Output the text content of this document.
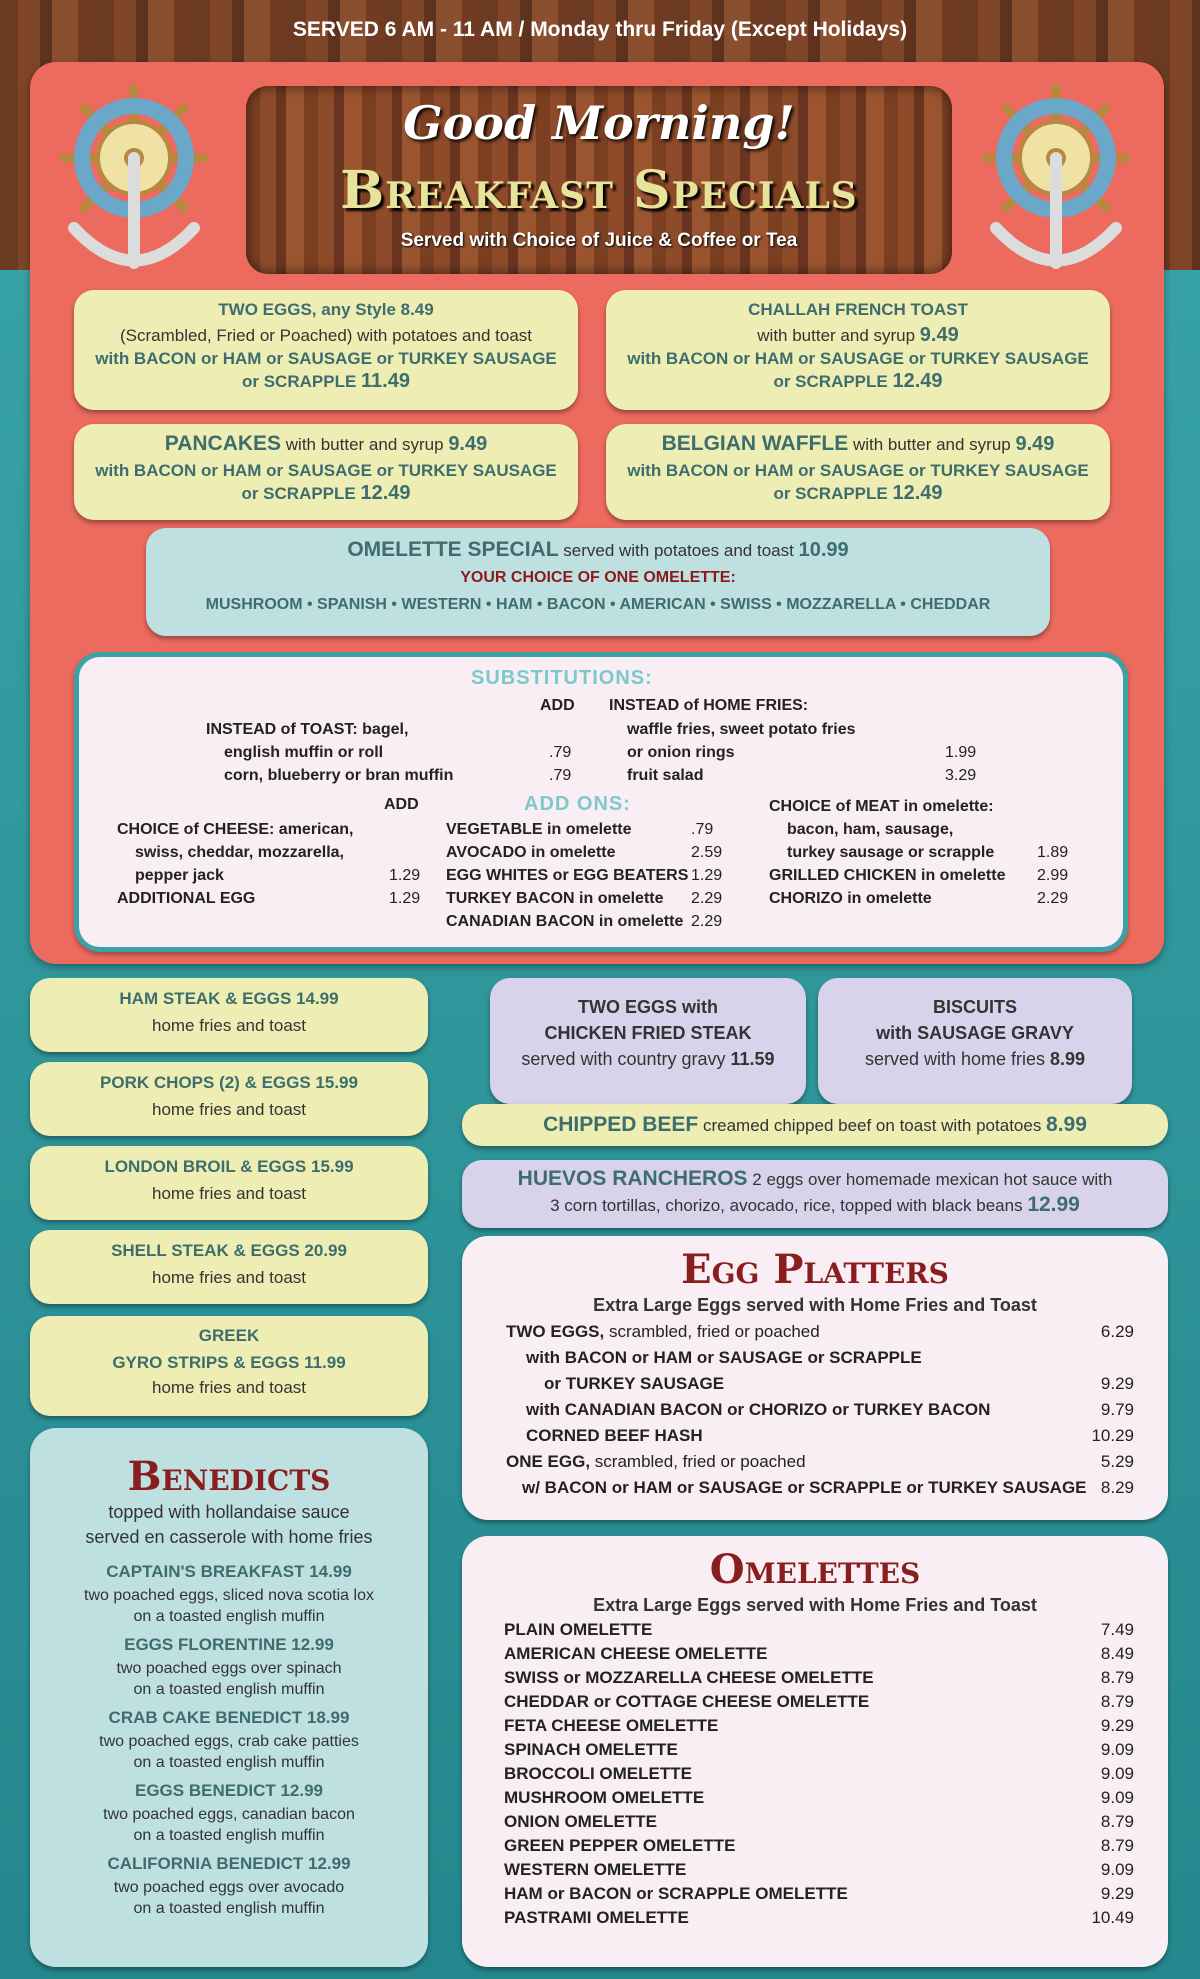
SERVED 6 AM - 11 AM / Monday thru Friday (Except Holidays)
Good Morning!
Breakfast Specials
Served with Choice of Juice & Coffee or Tea
TWO EGGS, any Style 8.49
(Scrambled, Fried or Poached) with potatoes and toast
with BACON or HAM or SAUSAGE or TURKEY SAUSAGE
or SCRAPPLE 11.49
CHALLAH FRENCH TOAST
with butter and syrup 9.49
with BACON or HAM or SAUSAGE or TURKEY SAUSAGE
or SCRAPPLE 12.49
PANCAKES with butter and syrup 9.49
with BACON or HAM or SAUSAGE or TURKEY SAUSAGE
or SCRAPPLE 12.49
BELGIAN WAFFLE with butter and syrup 9.49
with BACON or HAM or SAUSAGE or TURKEY SAUSAGE
or SCRAPPLE 12.49
OMELETTE SPECIAL served with potatoes and toast 10.99
YOUR CHOICE OF ONE OMELETTE:
MUSHROOM • SPANISH • WESTERN • HAM • BACON • AMERICAN • SWISS • MOZZARELLA • CHEDDAR
SUBSTITUTIONS:
ADD
INSTEAD of TOAST: bagel,
english muffin or roll	.79
corn, blueberry or bran muffin	.79
INSTEAD of HOME FRIES:
waffle fries, sweet potato fries
or onion rings	1.99
fruit salad	3.29
ADD	ADD ONS:
CHOICE of CHEESE: american,
swiss, cheddar, mozzarella,
pepper jack	1.29
ADDITIONAL EGG	1.29
VEGETABLE in omelette	.79
AVOCADO in omelette	2.59
EGG WHITES or EGG BEATERS 1.29
TURKEY BACON in omelette 2.29
CANADIAN BACON in omelette 2.29
CHOICE of MEAT in omelette:
bacon, ham, sausage,
turkey sausage or scrapple	1.89
GRILLED CHICKEN in omelette 2.99
CHORIZO in omelette	2.29
HAM STEAK & EGGS 14.99
home fries and toast
PORK CHOPS (2) & EGGS 15.99
home fries and toast
LONDON BROIL & EGGS 15.99
home fries and toast
SHELL STEAK & EGGS 20.99
home fries and toast
GREEK
GYRO STRIPS & EGGS 11.99
home fries and toast
Benedicts
topped with hollandaise sauce
served en casserole with home fries
CAPTAIN'S BREAKFAST 14.99
two poached eggs, sliced nova scotia lox
on a toasted english muffin
EGGS FLORENTINE 12.99
two poached eggs over spinach
on a toasted english muffin
CRAB CAKE BENEDICT 18.99
two poached eggs, crab cake patties
on a toasted english muffin
EGGS BENEDICT 12.99
two poached eggs, canadian bacon
on a toasted english muffin
CALIFORNIA BENEDICT 12.99
two poached eggs over avocado
on a toasted english muffin
TWO EGGS with
CHICKEN FRIED STEAK
served with country gravy 11.59
BISCUITS
with SAUSAGE GRAVY
served with home fries 8.99
CHIPPED BEEF creamed chipped beef on toast with potatoes 8.99
HUEVOS RANCHEROS 2 eggs over homemade mexican hot sauce with
3 corn tortillas, chorizo, avocado, rice, topped with black beans 12.99
Egg Platters
Extra Large Eggs served with Home Fries and Toast
TWO EGGS, scrambled, fried or poached	6.29
with BACON or HAM or SAUSAGE or SCRAPPLE
or TURKEY SAUSAGE	9.29
with CANADIAN BACON or CHORIZO or TURKEY BACON	9.79
CORNED BEEF HASH	10.29
ONE EGG, scrambled, fried or poached	5.29
w/ BACON or HAM or SAUSAGE or SCRAPPLE or TURKEY SAUSAGE 8.29
Omelettes
Extra Large Eggs served with Home Fries and Toast
PLAIN OMELETTE	7.49
AMERICAN CHEESE OMELETTE	8.49
SWISS or MOZZARELLA CHEESE OMELETTE	8.79
CHEDDAR or COTTAGE CHEESE OMELETTE	8.79
FETA CHEESE OMELETTE	9.29
SPINACH OMELETTE	9.09
BROCCOLI OMELETTE	9.09
MUSHROOM OMELETTE	9.09
ONION OMELETTE	8.79
GREEN PEPPER OMELETTE	8.79
WESTERN OMELETTE	9.09
HAM or BACON or SCRAPPLE OMELETTE	9.29
PASTRAMI OMELETTE	10.49
